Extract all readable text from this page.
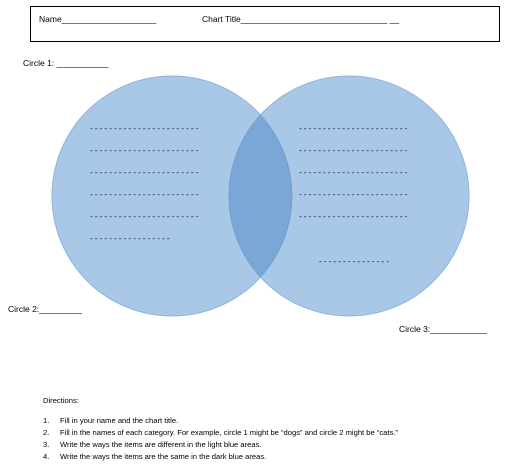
Name____________________	Chart Title_______________________________ __
Circle 1: ___________
Circle 2:_________
Circle 3:____________
-----------------------
-----------------------
-----------------------
-----------------------
-----------------------
-----------------
-----------------------
-----------------------
-----------------------
-----------------------
-----------------------
---------------
Directions:
1. Fill in your name and the chart title.
2. Fill in the names of each category. For example, circle 1 might be “dogs” and circle 2 might be “cats.”
3. Write the ways the items are different in the light blue areas.
4. Write the ways the items are the same in the dark blue areas.
